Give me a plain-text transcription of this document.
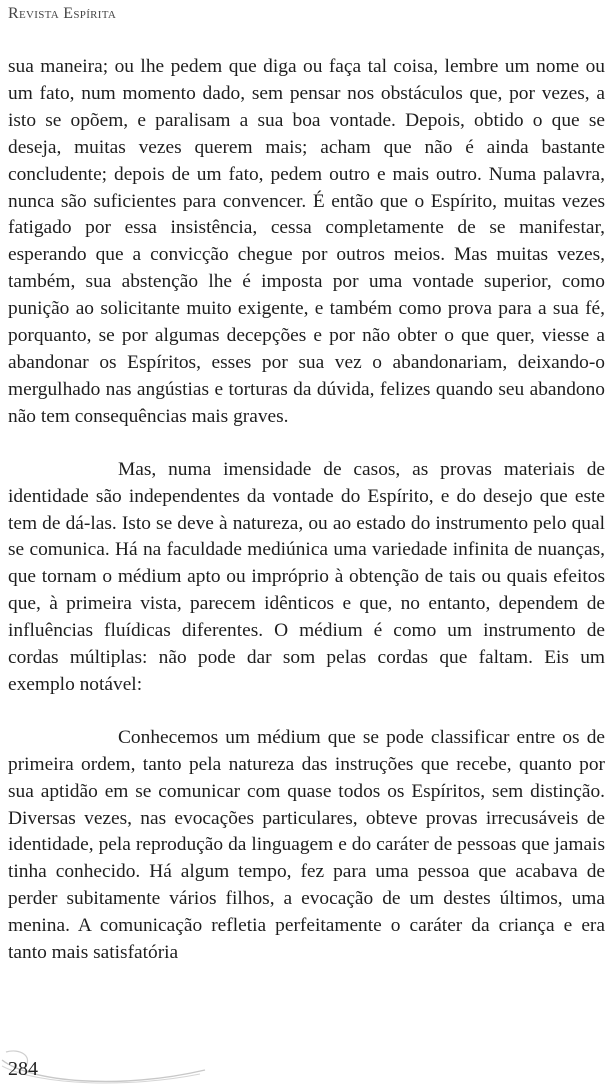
Revista Espírita

sua maneira; ou lhe pedem que diga ou faça tal coisa, lembre um nome ou um fato, num momento dado, sem pensar nos obstáculos que, por vezes, a isto se opõem, e paralisam a sua boa vontade. Depois, obtido o que se deseja, muitas vezes querem mais; acham que não é ainda bastante concludente; depois de um fato, pedem outro e mais outro. Numa palavra, nunca são suficientes para convencer. É então que o Espírito, muitas vezes fatigado por essa insistência, cessa completamente de se manifestar, esperando que a convicção chegue por outros meios. Mas muitas vezes, também, sua abstenção lhe é imposta por uma vontade superior, como punição ao solicitante muito exigente, e também como prova para a sua fé, porquanto, se por algumas decepções e por não obter o que quer, viesse a abandonar os Espíritos, esses por sua vez o abandonariam, deixando-o mergulhado nas angústias e torturas da dúvida, felizes quando seu abandono não tem consequências mais graves.

Mas, numa imensidade de casos, as provas materiais de identidade são independentes da vontade do Espírito, e do desejo que este tem de dá-las. Isto se deve à natureza, ou ao estado do instrumento pelo qual se comunica. Há na faculdade mediúnica uma variedade infinita de nuanças, que tornam o médium apto ou impróprio à obtenção de tais ou quais efeitos que, à primeira vista, parecem idênticos e que, no entanto, dependem de influências fluídicas diferentes. O médium é como um instrumento de cordas múltiplas: não pode dar som pelas cordas que faltam. Eis um exemplo notável:

Conhecemos um médium que se pode classificar entre os de primeira ordem, tanto pela natureza das instruções que recebe, quanto por sua aptidão em se comunicar com quase todos os Espíritos, sem distinção. Diversas vezes, nas evocações particulares, obteve provas irrecusáveis de identidade, pela reprodução da linguagem e do caráter de pessoas que jamais tinha conhecido. Há algum tempo, fez para uma pessoa que acabava de perder subitamente vários filhos, a evocação de um destes últimos, uma menina. A comunicação refletia perfeitamente o caráter da criança e era tanto mais satisfatória

284
